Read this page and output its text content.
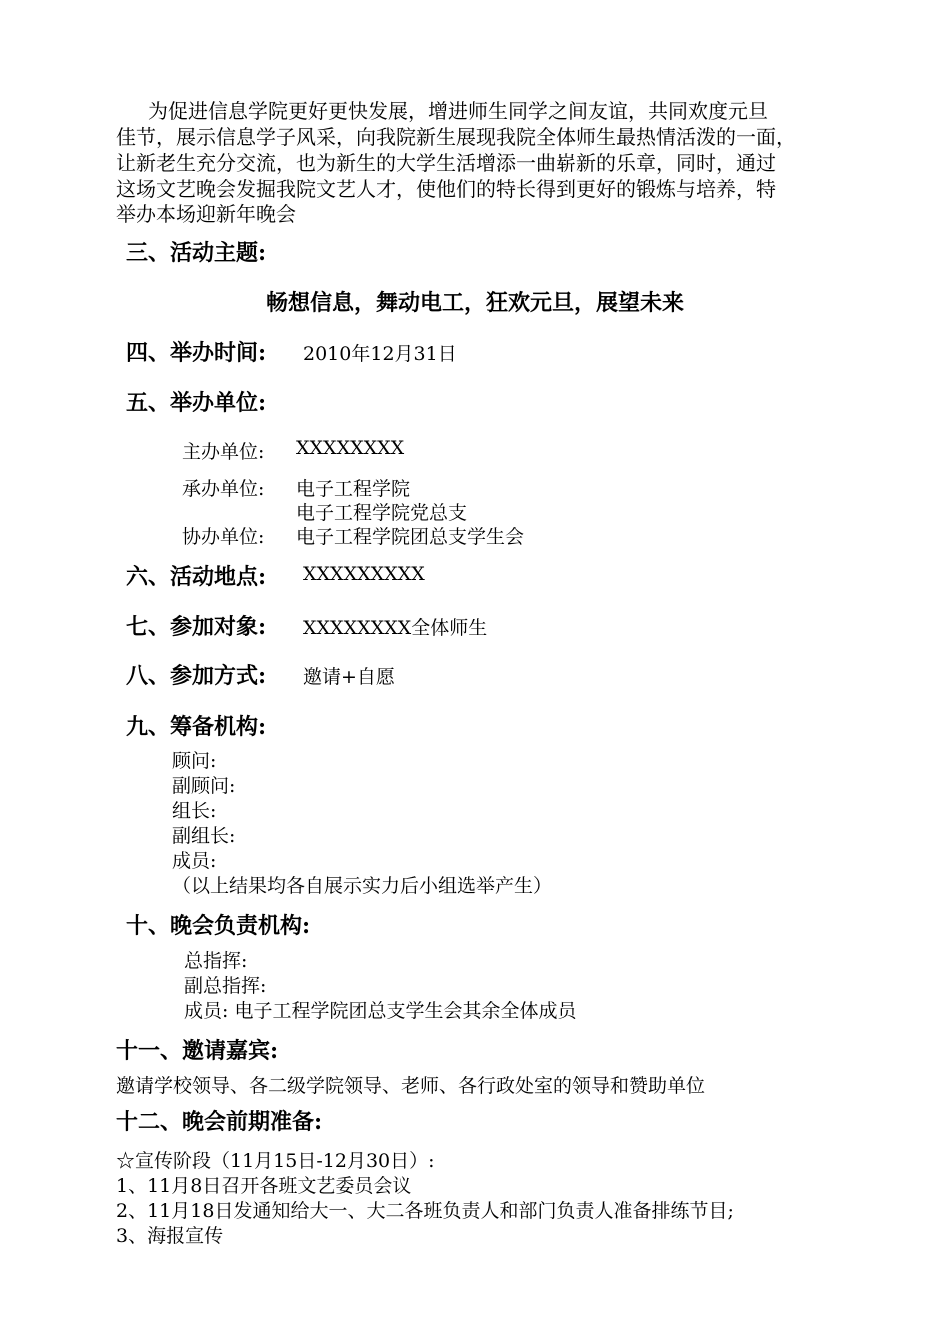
为促进信息学院更好更快发展，增进师生同学之间友谊，共同欢度元旦
佳节，展示信息学子风采，向我院新生展现我院全体师生最热情活泼的一面，
让新老生充分交流，也为新生的大学生活增添一曲崭新的乐章，同时，通过
这场文艺晚会发掘我院文艺人才，使他们的特长得到更好的锻炼与培养，特
举办本场迎新年晚会
三、活动主题:
畅想信息，舞动电工，狂欢元旦，展望未来
四、举办时间: 2010年12月31日
五、举办单位:
主办单位: XXXXXXXX
承办单位: 电子工程学院
电子工程学院党总支
协办单位: 电子工程学院团总支学生会
六、活动地点: XXXXXXXXX
七、参加对象: XXXXXXXX全体师生
八、参加方式: 邀请+自愿
九、筹备机构:
顾问:
副顾问:
组长:
副组长:
成员:
（以上结果均各自展示实力后小组选举产生）
十、晚会负责机构:
总指挥:
副总指挥:
成员: 电子工程学院团总支学生会其余全体成员
十一、邀请嘉宾:
邀请学校领导、各二级学院领导、老师、各行政处室的领导和赞助单位
十二、晚会前期准备:
☆宣传阶段（11月15日-12月30日）:
1、11月8日召开各班文艺委员会议
2、11月18日发通知给大一、大二各班负责人和部门负责人准备排练节目;
3、海报宣传
